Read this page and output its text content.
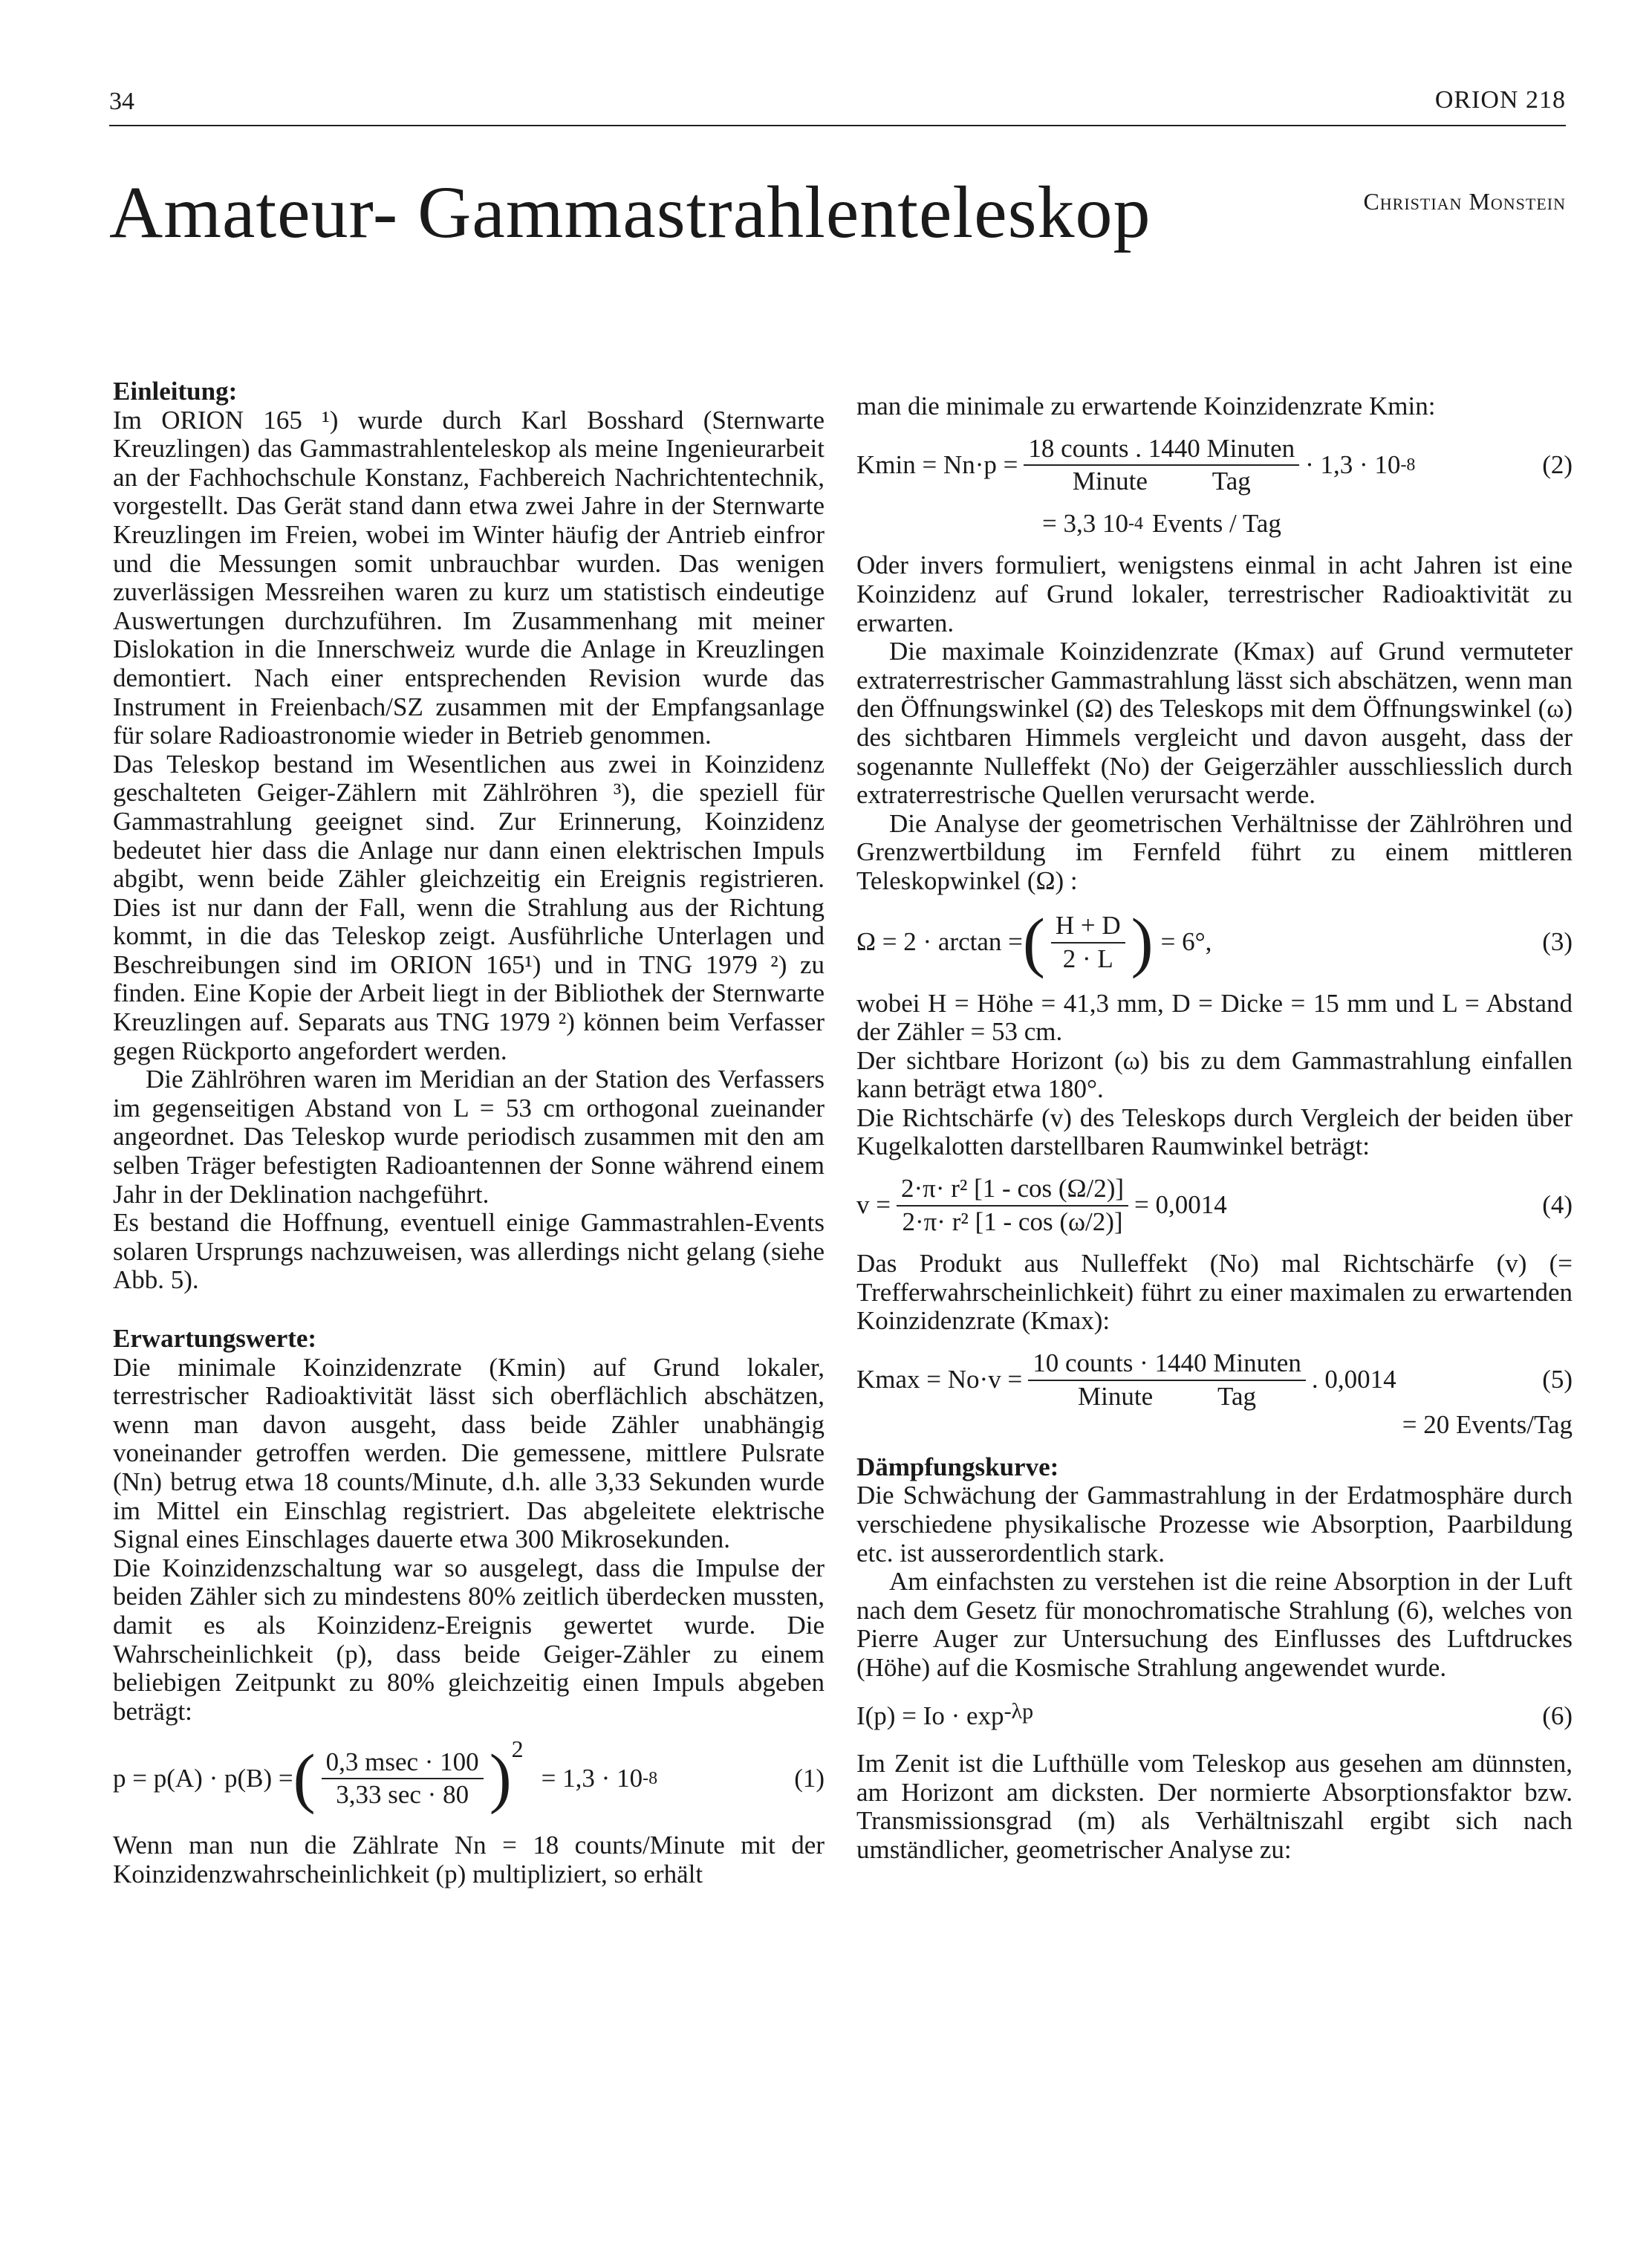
34	ORION 218
Amateur- Gammastrahlenteleskop	Christian Monstein

Einleitung:

Im ORION 165 ¹) wurde durch Karl Bosshard (Sternwarte Kreuzlingen) das Gammastrahlenteleskop als meine Ingenieurarbeit an der Fachhochschule Konstanz, Fachbereich Nachrichtentechnik, vorgestellt. Das Gerät stand dann etwa zwei Jahre in der Sternwarte Kreuzlingen im Freien, wobei im Winter häufig der Antrieb einfror und die Messungen somit unbrauchbar wurden. Das wenigen zuverlässigen Messreihen waren zu kurz um statistisch eindeutige Auswertungen durchzuführen. Im Zusammenhang mit meiner Dislokation in die Innerschweiz wurde die Anlage in Kreuzlingen demontiert. Nach einer entsprechenden Revision wurde das Instrument in Freienbach/SZ zusammen mit der Empfangsanlage für solare Radioastronomie wieder in Betrieb genommen.

Das Teleskop bestand im Wesentlichen aus zwei in Koinzidenz geschalteten Geiger-Zählern mit Zählröhren ³), die speziell für Gammastrahlung geeignet sind. Zur Erinnerung, Koinzidenz bedeutet hier dass die Anlage nur dann einen elektrischen Impuls abgibt, wenn beide Zähler gleichzeitig ein Ereignis registrieren. Dies ist nur dann der Fall, wenn die Strahlung aus der Richtung kommt, in die das Teleskop zeigt. Ausführliche Unterlagen und Beschreibungen sind im ORION 165¹) und in TNG 1979 ²) zu finden. Eine Kopie der Arbeit liegt in der Bibliothek der Sternwarte Kreuzlingen auf. Separats aus TNG 1979 ²) können beim Verfasser gegen Rückporto angefordert werden.

Die Zählröhren waren im Meridian an der Station des Verfassers im gegenseitigen Abstand von L = 53 cm orthogonal zueinander angeordnet. Das Teleskop wurde periodisch zusammen mit den am selben Träger befestigten Radioantennen der Sonne während einem Jahr in der Deklination nachgeführt.

Es bestand die Hoffnung, eventuell einige Gammastrahlen-Events solaren Ursprungs nachzuweisen, was allerdings nicht gelang (siehe Abb. 5).

Erwartungswerte:

Die minimale Koinzidenzrate (Kmin) auf Grund lokaler, terrestrischer Radioaktivität lässt sich oberflächlich abschätzen, wenn man davon ausgeht, dass beide Zähler unabhängig voneinander getroffen werden. Die gemessene, mittlere Pulsrate (Nn) betrug etwa 18 counts/Minute, d.h. alle 3,33 Sekunden wurde im Mittel ein Einschlag registriert. Das abgeleitete elektrische Signal eines Einschlages dauerte etwa 300 Mikrosekunden.

Die Koinzidenzschaltung war so ausgelegt, dass die Impulse der beiden Zähler sich zu mindestens 80% zeitlich überdecken mussten, damit es als Koinzidenz-Ereignis gewertet wurde. Die Wahrscheinlichkeit (p), dass beide Geiger-Zähler zu einem beliebigen Zeitpunkt zu 80% gleichzeitig einen Impuls abgeben beträgt:

p = p(A) · p(B) = ( $\frac{0,3 msec \cdot 100}{3,33 \sec \cdot 80} )^2$
= 1,3 · 10 -8	(1)

Wenn man nun die Zählrate Nn = 18 counts/Minute mit der Koinzidenzwahrscheinlichkeit (p) multipliziert, so erhält

man die minimale zu erwartende Koinzidenzrate Kmin:

$Kmin = Nn\cdot p = \frac{\text{18 counts . 1440 Minuten}}{\text{Minute          Tag}} \cdot 1,3 \cdot 10$ -8	(2)
= 3,3 10 -4 Events / Tag

Oder invers formuliert, wenigstens einmal in acht Jahren ist eine Koinzidenz auf Grund lokaler, terrestrischer Radioaktivität zu erwarten.

Die maximale Koinzidenzrate (Kmax) auf Grund vermuteter extraterrestrischer Gammastrahlung lässt sich abschätzen, wenn man den Öffnungswinkel (Ω) des Teleskops mit dem Öffnungswinkel (ω) des sichtbaren Himmels vergleicht und davon ausgeht, dass der sogenannte Nulleffekt (No) der Geigerzähler ausschliesslich durch extraterrestrische Quellen verursacht werde.

Die Analyse der geometrischen Verhältnisse der Zählröhren und Grenzwertbildung im Fernfeld führt zu einem mittleren Teleskopwinkel (Ω) :

Ω = 2 · arctan = ( $\frac{H + D}{2 \cdot L}$ ) = 6°,	(3)

wobei H = Höhe = 41,3 mm, D = Dicke = 15 mm und L = Abstand der Zähler = 53 cm.

Der sichtbare Horizont (ω) bis zu dem Gammastrahlung einfallen kann beträgt etwa 180°.

Die Richtschärfe (v) des Teleskops durch Vergleich der beiden über Kugelkalotten darstellbaren Raumwinkel beträgt:

$v = \frac{\text{2·π· r² [1 - cos (Ω/2)]}}{\text{2·π· r² [1 - cos (ω/2)]}} = 0,0014$	(4)

Das Produkt aus Nulleffekt (No) mal Richtschärfe (v) (= Trefferwahrscheinlichkeit) führt zu einer maximalen zu erwartenden Koinzidenzrate (Kmax):

$Kmax = No\cdot v = \frac{\text{10 counts · 1440 Minuten}}{\text{Minute          Tag}}$ . 0,0014	(5)
= 20 Events/Tag

Dämpfungskurve:

Die Schwächung der Gammastrahlung in der Erdatmosphäre durch verschiedene physikalische Prozesse wie Absorption, Paarbildung etc. ist ausserordentlich stark.

Am einfachsten zu verstehen ist die reine Absorption in der Luft nach dem Gesetz für monochromatische Strahlung (6), welches von Pierre Auger zur Untersuchung des Einflusses des Luftdruckes (Höhe) auf die Kosmische Strahlung angewendet wurde.

$I(p) = Io \cdot \exp^{-\lambda p}$	(6)

Im Zenit ist die Lufthülle vom Teleskop aus gesehen am dünnsten, am Horizont am dicksten. Der normierte Absorptionsfaktor bzw. Transmissionsgrad (m) als Verhältniszahl ergibt sich nach umständlicher, geometrischer Analyse zu:
